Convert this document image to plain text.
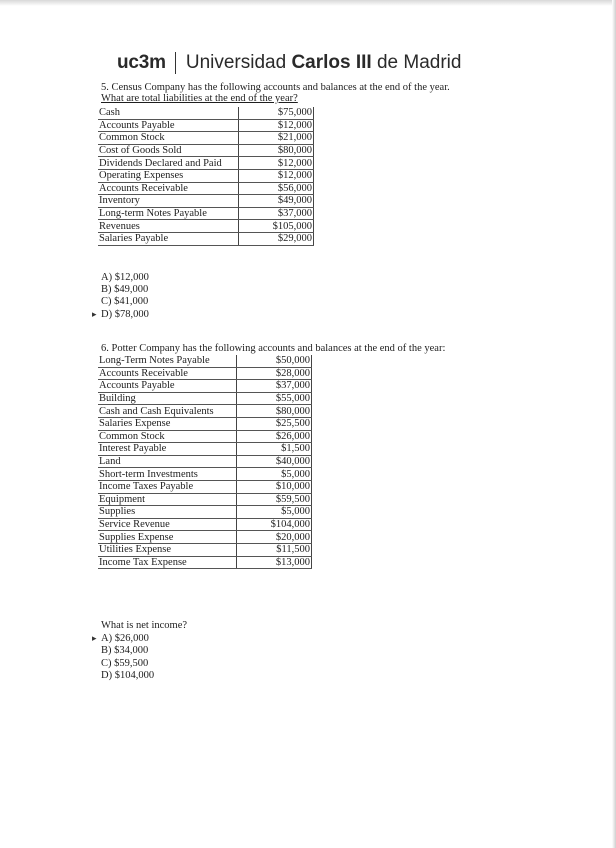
uc3m Universidad Carlos III de Madrid
5. Census Company has the following accounts and balances at the end of the year.
What are total liabilities at the end of the year?
Cash	$75,000
Accounts Payable	$12,000
Common Stock	$21,000
Cost of Goods Sold	$80,000
Dividends Declared and Paid	$12,000
Operating Expenses	$12,000
Accounts Receivable	$56,000
Inventory	$49,000
Long-term Notes Payable	$37,000
Revenues	$105,000
Salaries Payable	$29,000
A) $12,000
B) $49,000
C) $41,000
D) $78,000
▸
6. Potter Company has the following accounts and balances at the end of the year:
Long-Term Notes Payable	$50,000
Accounts Receivable	$28,000
Accounts Payable	$37,000
Building	$55,000
Cash and Cash Equivalents	$80,000
Salaries Expense	$25,500
Common Stock	$26,000
Interest Payable	$1,500
Land	$40,000
Short-term Investments	$5,000
Income Taxes Payable	$10,000
Equipment	$59,500
Supplies	$5,000
Service Revenue	$104,000
Supplies Expense	$20,000
Utilities Expense	$11,500
Income Tax Expense	$13,000
What is net income?
A) $26,000
B) $34,000
C) $59,500
D) $104,000
▸
